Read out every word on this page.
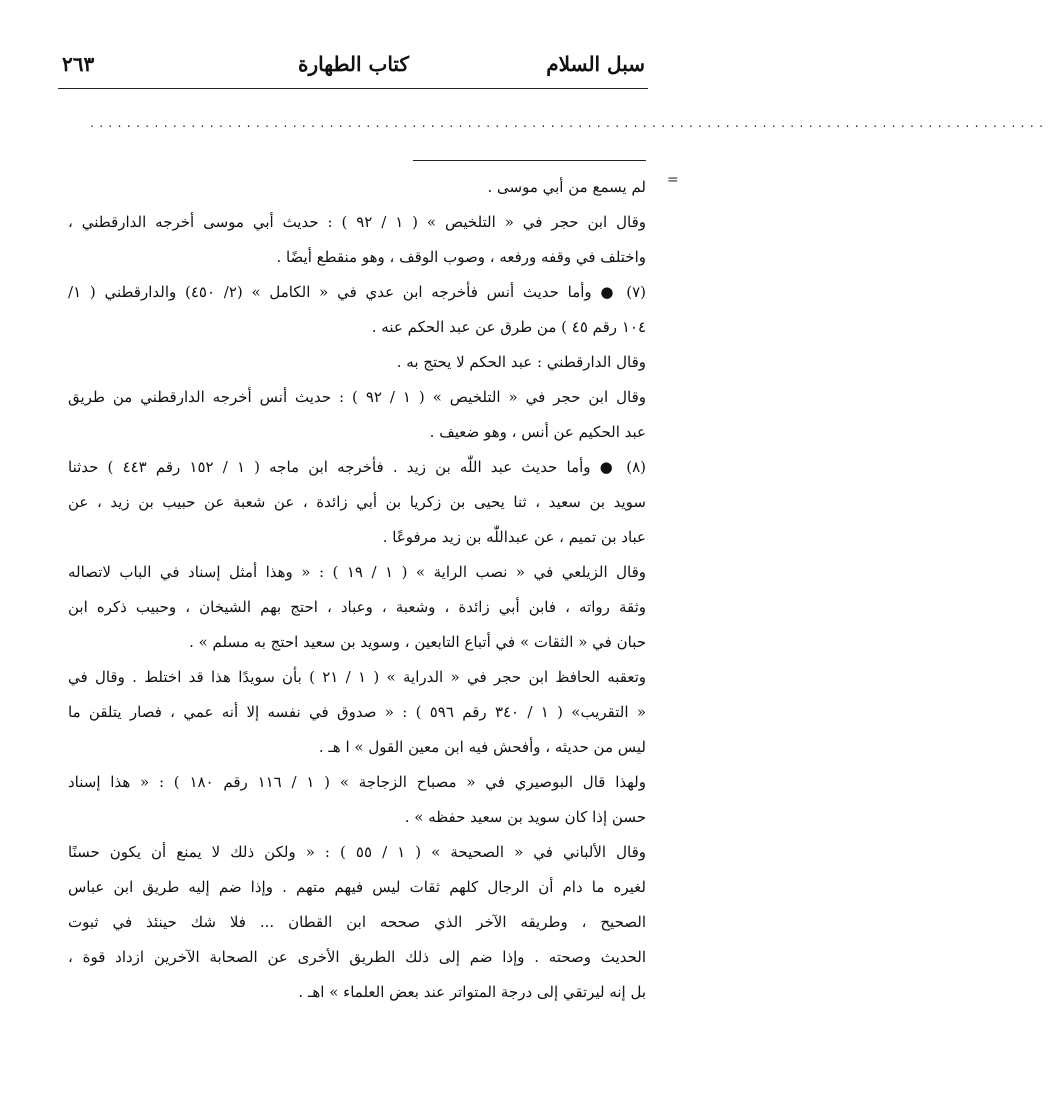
سبل السلام
كتاب الطهارة
٢٦٣
........................................................................................................
=
لم يسمع من أبي موسى .
وقال ابن حجر في « التلخيص » ( ١ / ٩٢ ) : حديث أبي موسى أخرجه الدارقطني ،
واختلف في وقفه ورفعه ، وصوب الوقف ، وهو منقطع أيضًا .
(٧) ● وأما حديث أنس فأخرجه ابن عدي في « الكامل » (٢/ ٤٥٠) والدارقطني ( ١/
١٠٤ رقم ٤٥ ) من طرق عن عبد الحكم عنه .
وقال الدارقطني : عبد الحكم لا يحتج به .
وقال ابن حجر في « التلخيص » ( ١ / ٩٢ ) : حديث أنس أخرجه الدارقطني من طريق
عبد الحكيم عن أنس ، وهو ضعيف .
(٨) ● وأما حديث عبد اللّٰه بن زيد . فأخرجه ابن ماجه ( ١ / ١٥٢ رقم ٤٤٣ ) حدثنا
سويد بن سعيد ، ثنا يحيى بن زكريا بن أبي زائدة ، عن شعبة عن حبيب بن زيد ، عن
عباد بن تميم ، عن عبداللّٰه بن زيد مرفوعًا .
وقال الزيلعي في « نصب الراية » ( ١ / ١٩ ) : « وهذا أمثل إسناد في الباب لاتصاله
وثقة رواته ، فابن أبي زائدة ، وشعبة ، وعباد ، احتج بهم الشيخان ، وحبيب ذكره ابن
حبان في « الثقات » في أتباع التابعين ، وسويد بن سعيد احتج به مسلم » .
وتعقبه الحافظ ابن حجر في « الدراية » ( ١ / ٢١ ) بأن سويدًا هذا قد اختلط . وقال في
« التقريب» ( ١ / ٣٤٠ رقم ٥٩٦ ) : « صدوق في نفسه إلا أنه عمي ، فصار يتلقن ما
ليس من حديثه ، وأفحش فيه ابن معين القول » ا هـ .
ولهذا قال البوصيري في « مصباح الزجاجة » ( ١ / ١١٦ رقم ١٨٠ ) : « هذا إسناد
حسن إذا كان سويد بن سعيد حفظه » .
وقال الألباني في « الصحيحة » ( ١ / ٥٥ ) : « ولكن ذلك لا يمنع أن يكون حسنًا
لغيره ما دام أن الرجال كلهم ثقات ليس فيهم متهم . وإذا ضم إليه طريق ابن عباس
الصحيح ، وطريقه الآخر الذي صححه ابن القطان ... فلا شك حينئذ في ثبوت
الحديث وصحته . وإذا ضم إلى ذلك الطريق الأخرى عن الصحابة الآخرين ازداد قوة ،
بل إنه ليرتقي إلى درجة المتواتر عند بعض العلماء » اهـ .
